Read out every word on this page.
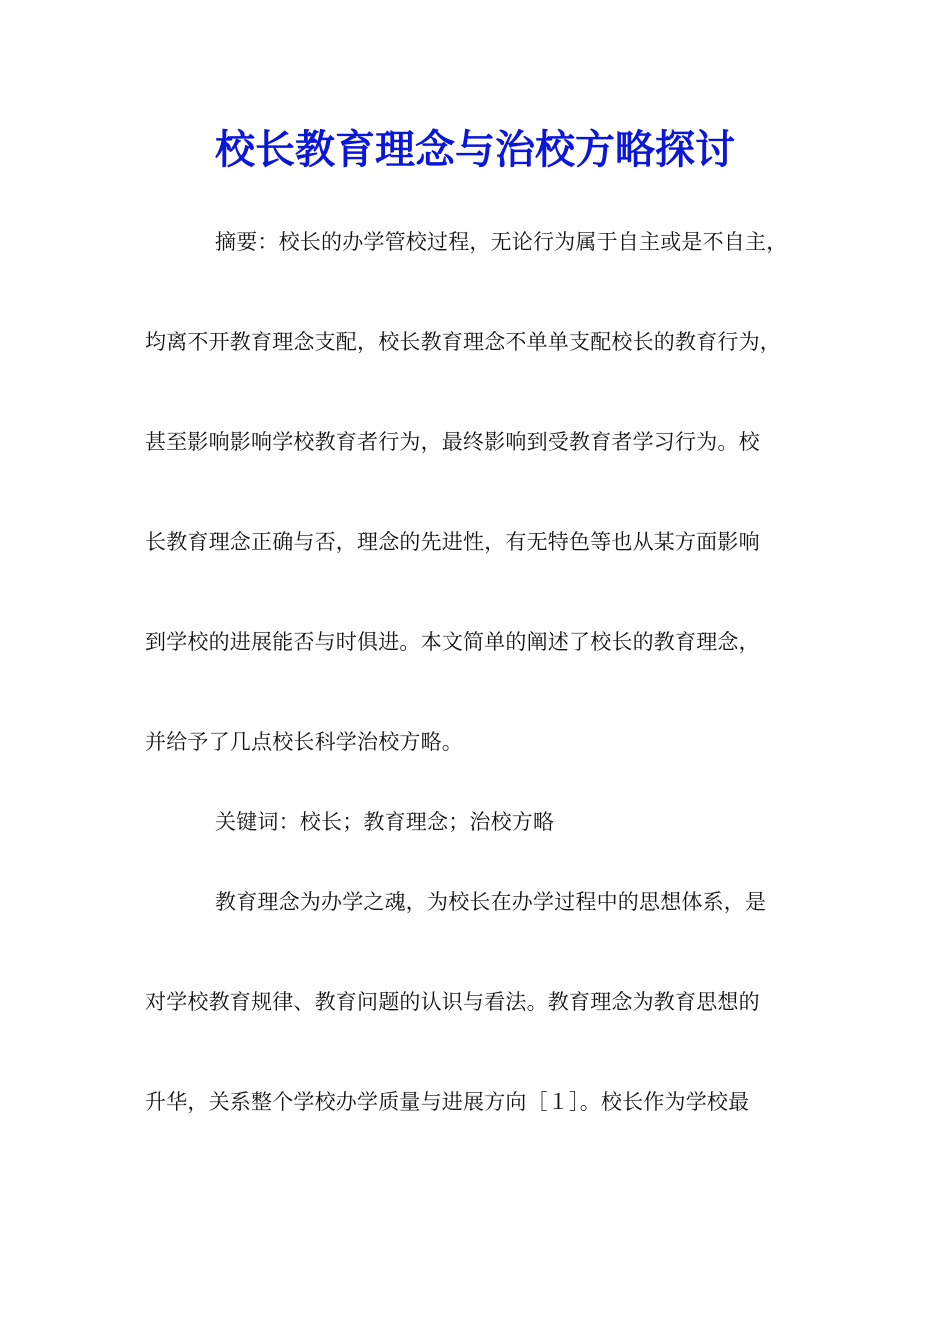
校长教育理念与治校方略探讨
摘要：校长的办学管校过程，无论行为属于自主或是不自主，
均离不开教育理念支配，校长教育理念不单单支配校长的教育行为，
甚至影响影响学校教育者行为，最终影响到受教育者学习行为。校
长教育理念正确与否，理念的先进性，有无特色等也从某方面影响
到学校的进展能否与时俱进。本文简单的阐述了校长的教育理念，
并给予了几点校长科学治校方略。
关键词：校长；教育理念；治校方略
教育理念为办学之魂，为校长在办学过程中的思想体系，是
对学校教育规律、教育问题的认识与看法。教育理念为教育思想的
升华，关系整个学校办学质量与进展方向［１］。校长作为学校最
